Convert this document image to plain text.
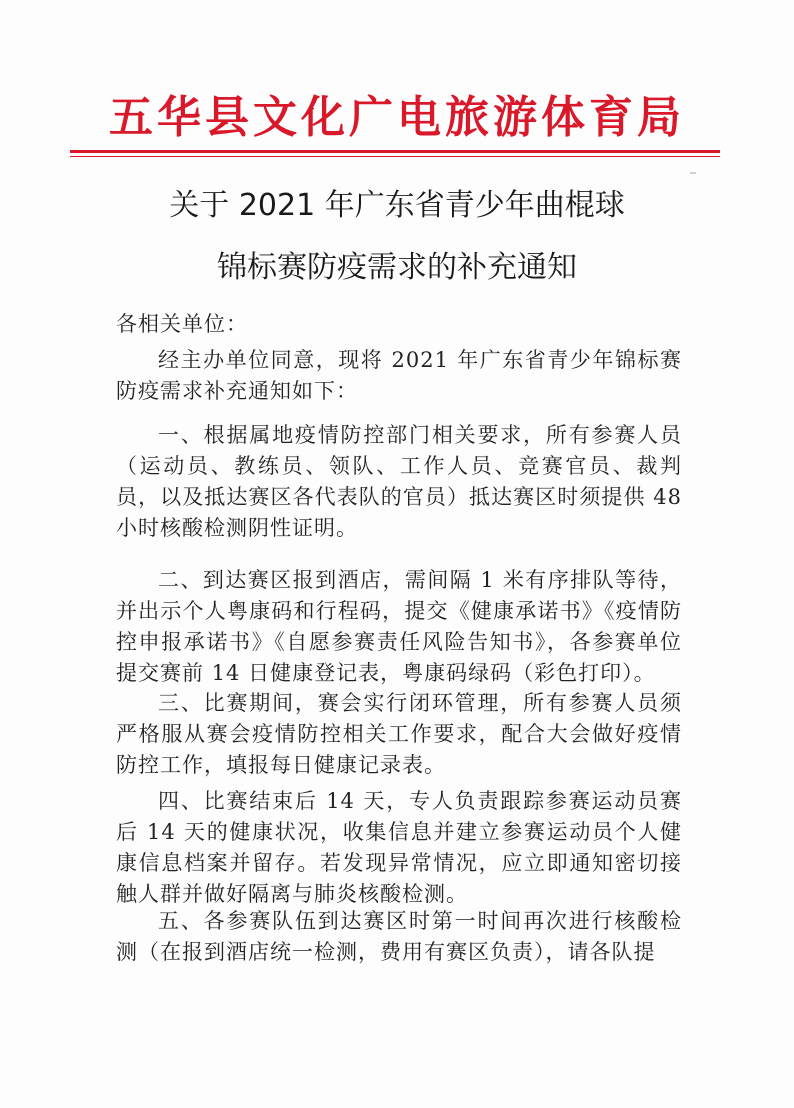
五华县文化广电旅游体育局
关于 2021 年广东省青少年曲棍球
锦标赛防疫需求的补充通知
各相关单位：
经主办单位同意，现将 2021 年广东省青少年锦标赛防疫需求补充通知如下：
一、根据属地疫情防控部门相关要求，所有参赛人员（运动员、教练员、领队、工作人员、竞赛官员、裁判员，以及抵达赛区各代表队的官员）抵达赛区时须提供 48 小时核酸检测阴性证明。
二、到达赛区报到酒店，需间隔 1 米有序排队等待，并出示个人粤康码和行程码，提交《健康承诺书》《疫情防控申报承诺书》《自愿参赛责任风险告知书》，各参赛单位提交赛前 14 日健康登记表，粤康码绿码（彩色打印）。
三、比赛期间，赛会实行闭环管理，所有参赛人员须严格服从赛会疫情防控相关工作要求，配合大会做好疫情防控工作，填报每日健康记录表。
四、比赛结束后 14 天，专人负责跟踪参赛运动员赛后 14 天的健康状况，收集信息并建立参赛运动员个人健康信息档案并留存。若发现异常情况，应立即通知密切接触人群并做好隔离与肺炎核酸检测。
五、各参赛队伍到达赛区时第一时间再次进行核酸检测（在报到酒店统一检测，费用有赛区负责），请各队提
